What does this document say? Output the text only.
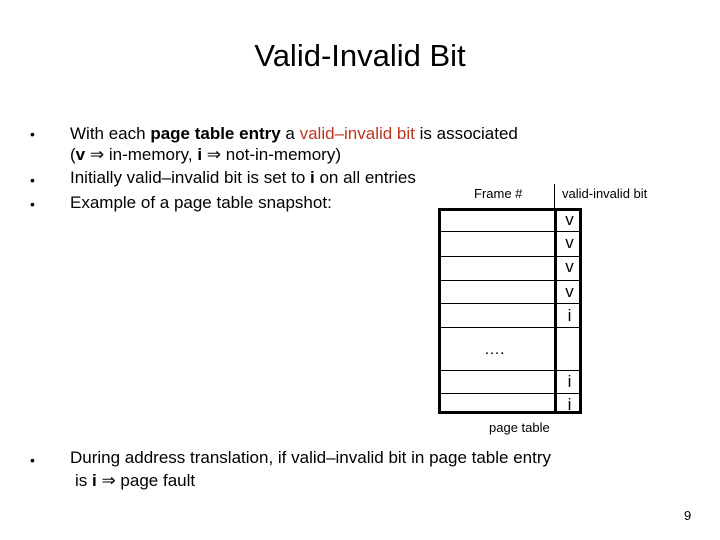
Valid-Invalid Bit
• With each page table entry a valid–invalid bit is associated
(v ⇒ in-memory, i ⇒ not-in-memory)
• Initially valid–invalid bit is set to i on all entries
• Example of a page table snapshot:	Frame #	valid-invalid bit
v
v
v
v
i
i
i
….
page table
• During address translation, if valid–invalid bit in page table entry
is i ⇒ page fault
9
